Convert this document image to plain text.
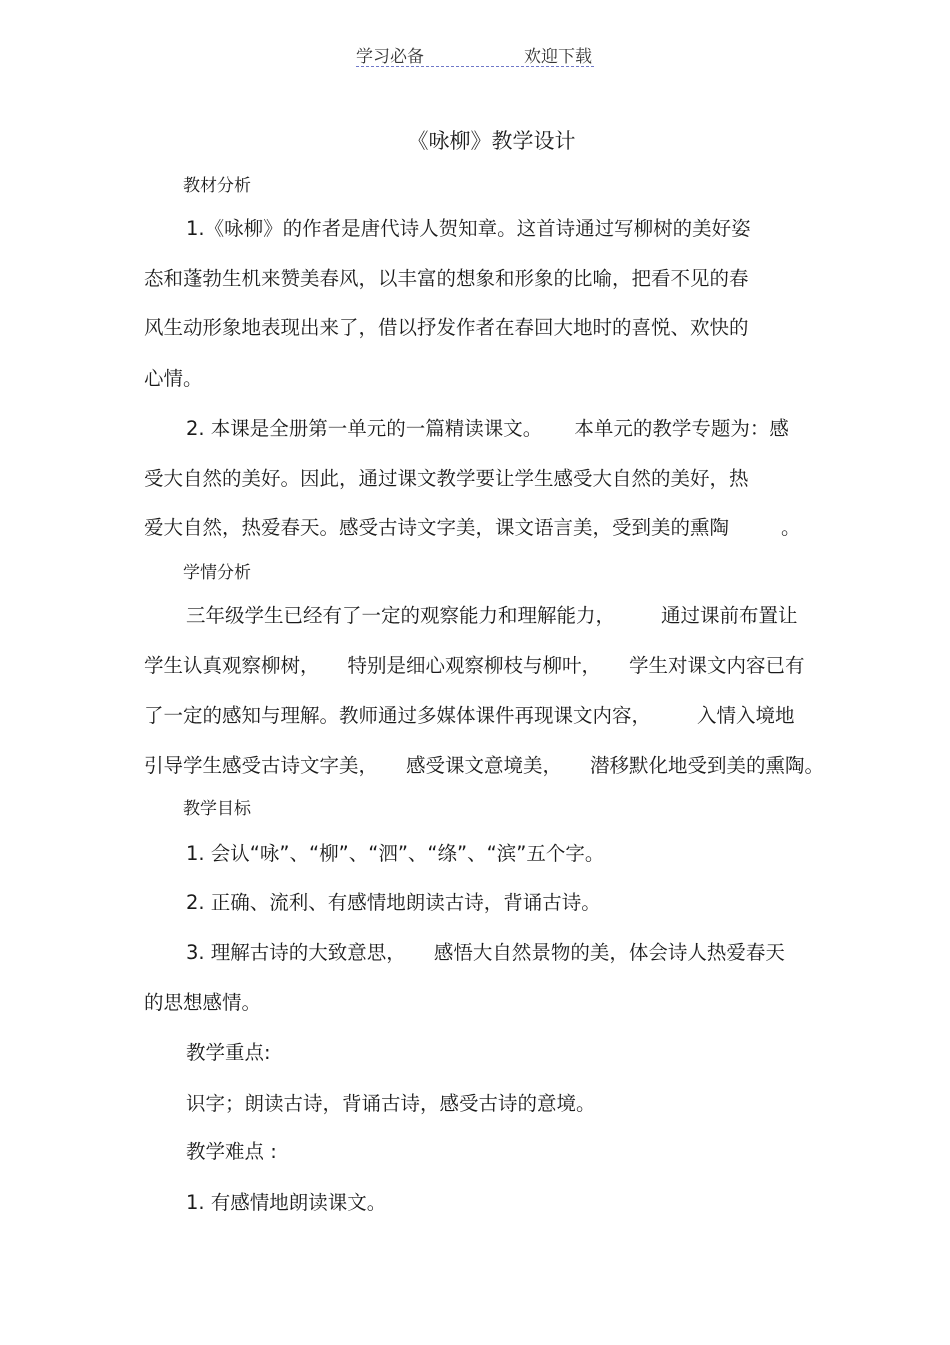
学习必备	欢迎下载
《咏柳》教学设计
教材分析
1.《咏柳》的作者是唐代诗人贺知章。这首诗通过写柳树的美好姿
态和蓬勃生机来赞美春风，以丰富的想象和形象的比喻，把看不见的春
风生动形象地表现出来了，借以抒发作者在春回大地时的喜悦、欢快的
心情。
2. 本课是全册第一单元的一篇精读课文。 本单元的教学专题为：感
受大自然的美好。因此，通过课文教学要让学生感受大自然的美好，热
爱大自然，热爱春天。感受古诗文字美，课文语言美，受到美的熏陶	。
学情分析
三年级学生已经有了一定的观察能力和理解能力， 通过课前布置让
学生认真观察柳树， 特别是细心观察柳枝与柳叶， 学生对课文内容已有
了一定的感知与理解。教师通过多媒体课件再现课文内容， 入情入境地
引导学生感受古诗文字美， 感受课文意境美， 潜移默化地受到美的熏陶。
教学目标
1. 会认“咏”、“柳”、“泗”、“绦”、“滨”五个字。
2. 正确、流利、有感情地朗读古诗，背诵古诗。
3. 理解古诗的大致意思， 感悟大自然景物的美，体会诗人热爱春天
的思想感情。
教学重点:
识字；朗读古诗，背诵古诗，感受古诗的意境。
教学难点 :
1. 有感情地朗读课文。
